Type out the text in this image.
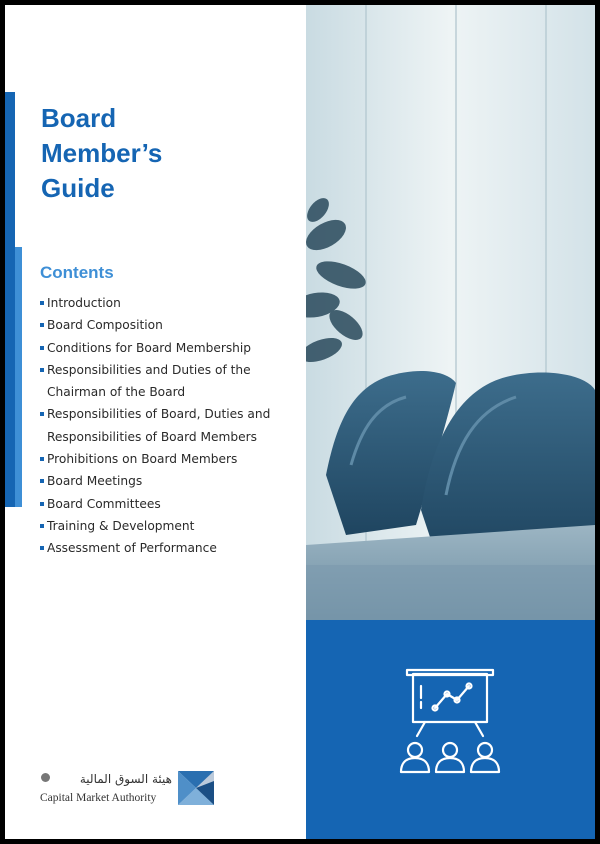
Board
Member’s
Guide
Contents
Introduction
Board Composition
Conditions for Board Membership
Responsibilities and Duties of the
Chairman of the Board
Responsibilities of Board, Duties and
Responsibilities of Board Members
Prohibitions on Board Members
Board Meetings
Board Committees
Training & Development
Assessment of Performance
هيئة السوق المالية
Capital Market Authority
